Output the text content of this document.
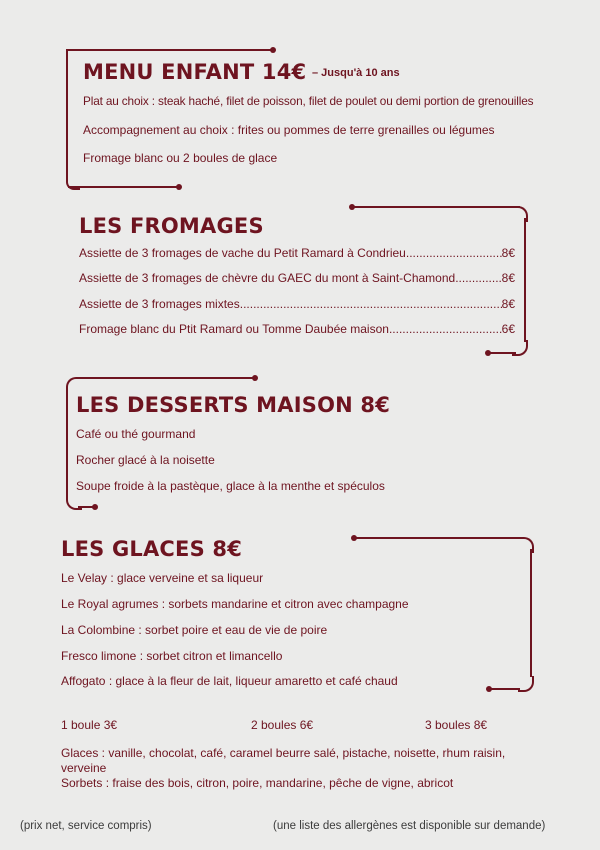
MENU ENFANT 14€ – Jusqu'à 10 ans
Plat au choix : steak haché, filet de poisson, filet de poulet ou demi portion de grenouilles
Accompagnement au choix : frites ou pommes de terre grenailles ou légumes
Fromage blanc ou 2 boules de glace
LES FROMAGES
Assiette de 3 fromages de vache du Petit Ramard à Condrieu .....	8€
Assiette de 3 fromages de chèvre du GAEC du mont à Saint-Chamond .....	8€
Assiette de 3 fromages mixtes .....	8€
Fromage blanc du Ptit Ramard ou Tomme Daubée maison .....	6€
LES DESSERTS MAISON 8€
Café ou thé gourmand
Rocher glacé à la noisette
Soupe froide à la pastèque, glace à la menthe et spéculos
LES GLACES 8€
Le Velay : glace verveine et sa liqueur
Le Royal agrumes : sorbets mandarine et citron avec champagne
La Colombine : sorbet poire et eau de vie de poire
Fresco limone : sorbet citron et limancello
Affogato : glace à la fleur de lait, liqueur amaretto et café chaud
1 boule 3€	2 boules 6€	3 boules 8€
Glaces : vanille, chocolat, café, caramel beurre salé, pistache, noisette, rhum raisin,
verveine
Sorbets : fraise des bois, citron, poire, mandarine, pêche de vigne, abricot
(prix net, service compris)	(une liste des allergènes est disponible sur demande)
